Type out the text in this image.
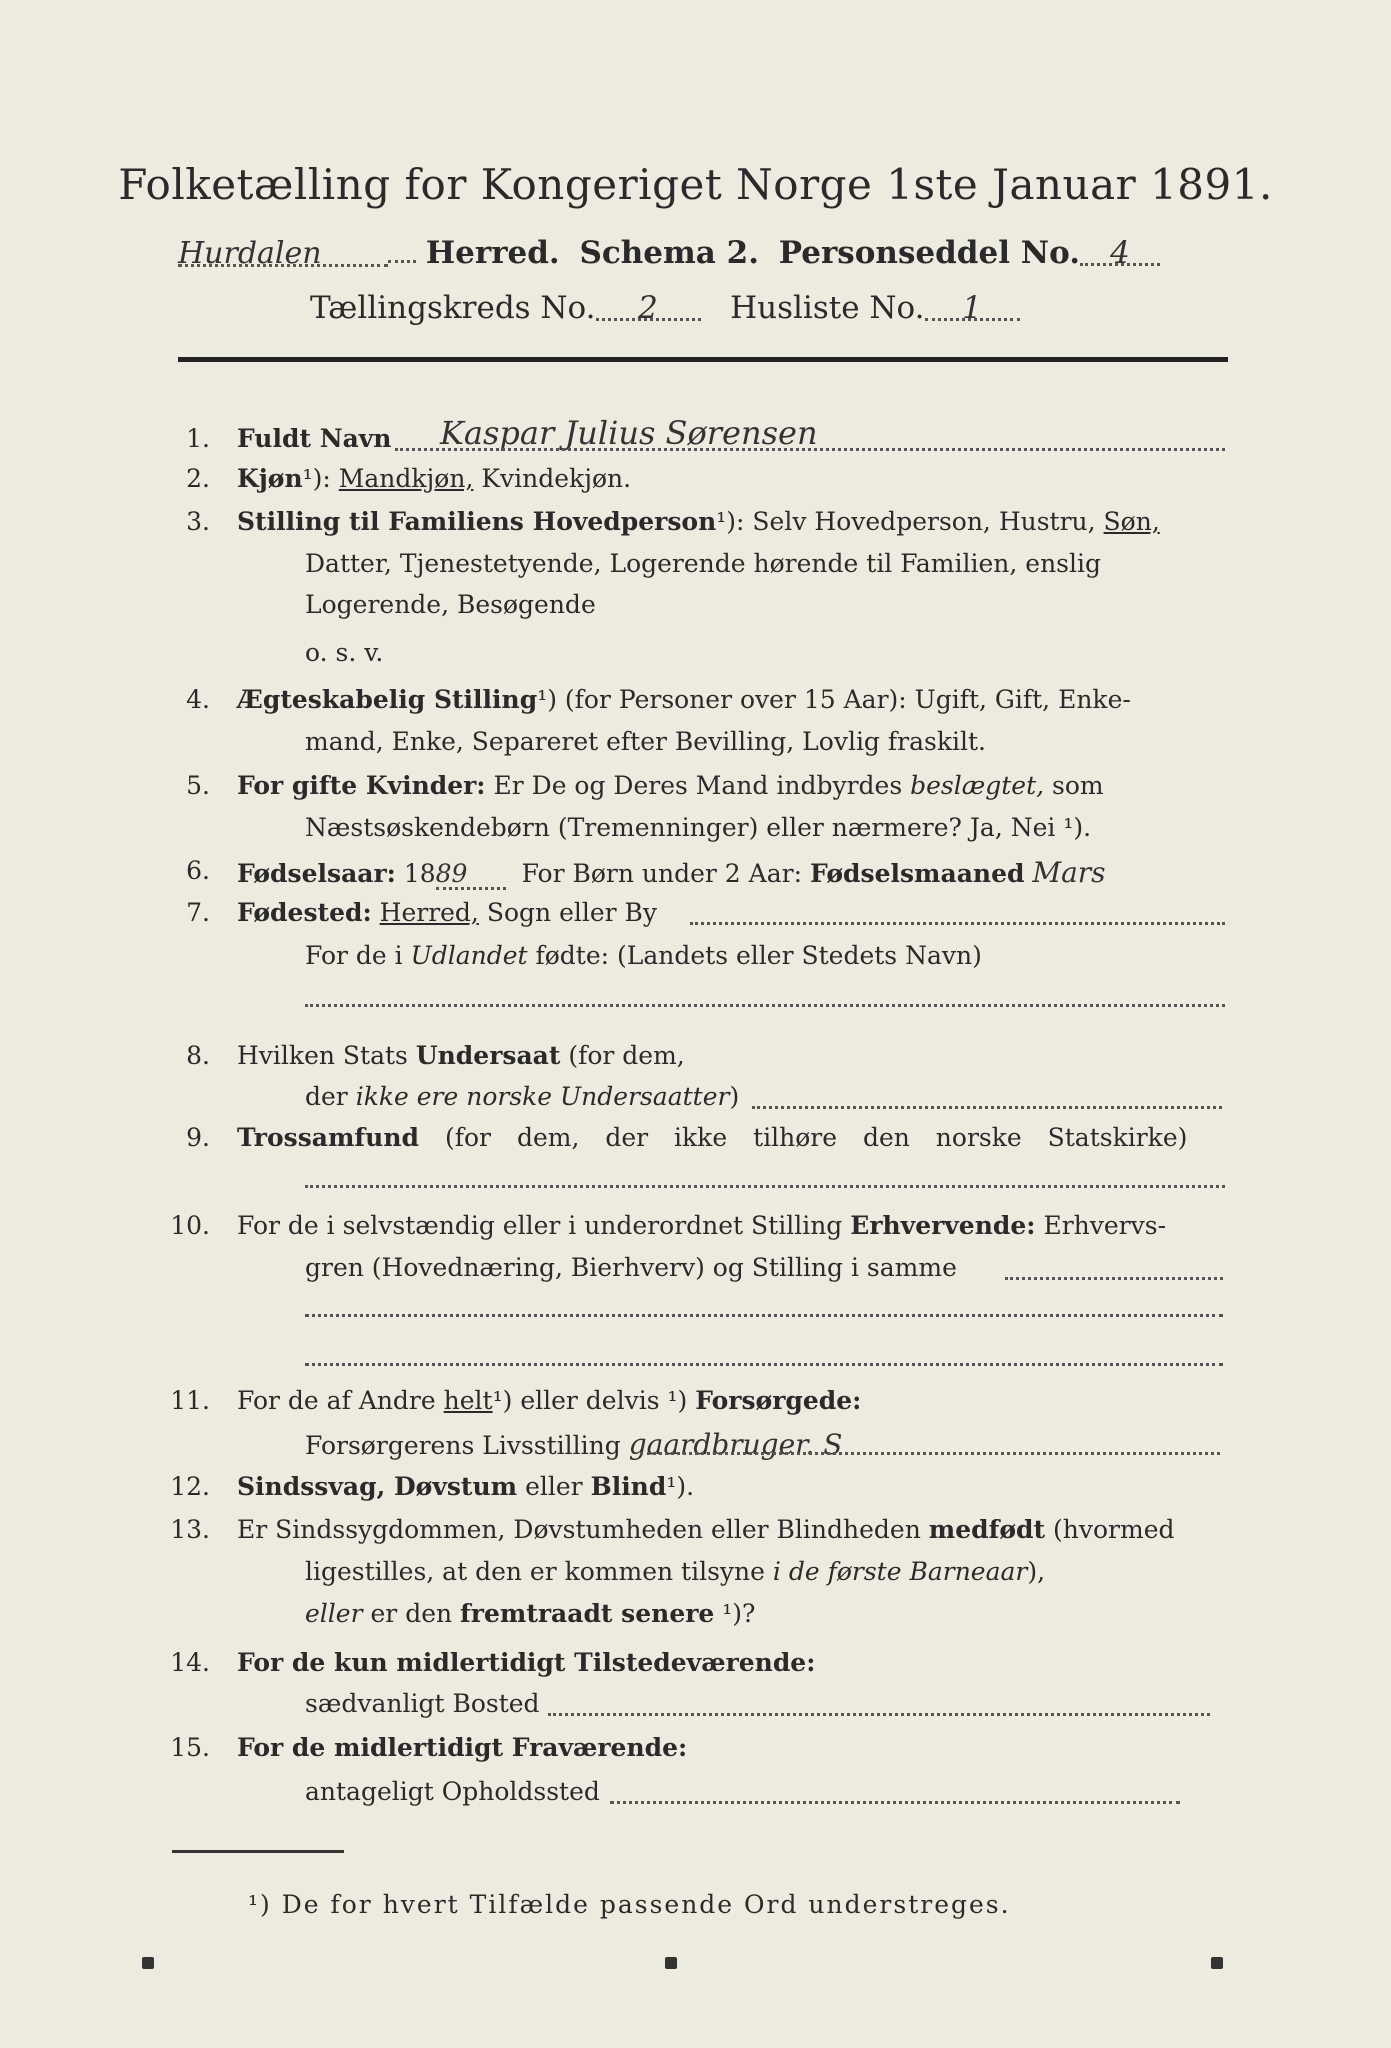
Folketælling for Kongeriget Norge 1ste Januar 1891.
Hurdalen	Herred. Schema 2. Personseddel No. 4
Tællingskreds No. 2 Husliste No. 1
1. Fuldt Navn Kaspar Julius Sørensen
2. Kjøn¹): Mandkjøn, Kvindekjøn.
3. Stilling til Familiens Hovedperson¹): Selv Hovedperson, Hustru, Søn,
Datter, Tjenestetyende, Logerende hørende til Familien, enslig
Logerende, Besøgende
o. s. v.
4. Ægteskabelig Stilling¹) (for Personer over 15 Aar): Ugift, Gift, Enke-
mand, Enke, Separeret efter Bevilling, Lovlig fraskilt.
5. For gifte Kvinder: Er De og Deres Mand indbyrdes beslægtet, som
Næstsøskendebørn (Tremenninger) eller nærmere? Ja, Nei ¹).
6. Fødselsaar: 1889 For Børn under 2 Aar: Fødselsmaaned Mars
7. Fødested: Herred, Sogn eller By
For de i Udlandet fødte: (Landets eller Stedets Navn)
8. Hvilken Stats Undersaat (for dem,
der ikke ere norske Undersaatter)
9. Trossamfund (for dem, der ikke tilhøre den norske Statskirke)
10. For de i selvstændig eller i underordnet Stilling Erhvervende: Erhvervs-
gren (Hovednæring, Bierhverv) og Stilling i samme
11. For de af Andre helt¹) eller delvis ¹) Forsørgede:
Forsørgerens Livsstilling gaardbruger. S
12. Sindssvag, Døvstum eller Blind¹).
13. Er Sindssygdommen, Døvstumheden eller Blindheden medfødt (hvormed
ligestilles, at den er kommen tilsyne i de første Barneaar),
eller er den fremtraadt senere ¹)?
14. For de kun midlertidigt Tilstedeværende:
sædvanligt Bosted
15. For de midlertidigt Fraværende:
antageligt Opholdssted
¹) De for hvert Tilfælde passende Ord understreges.
